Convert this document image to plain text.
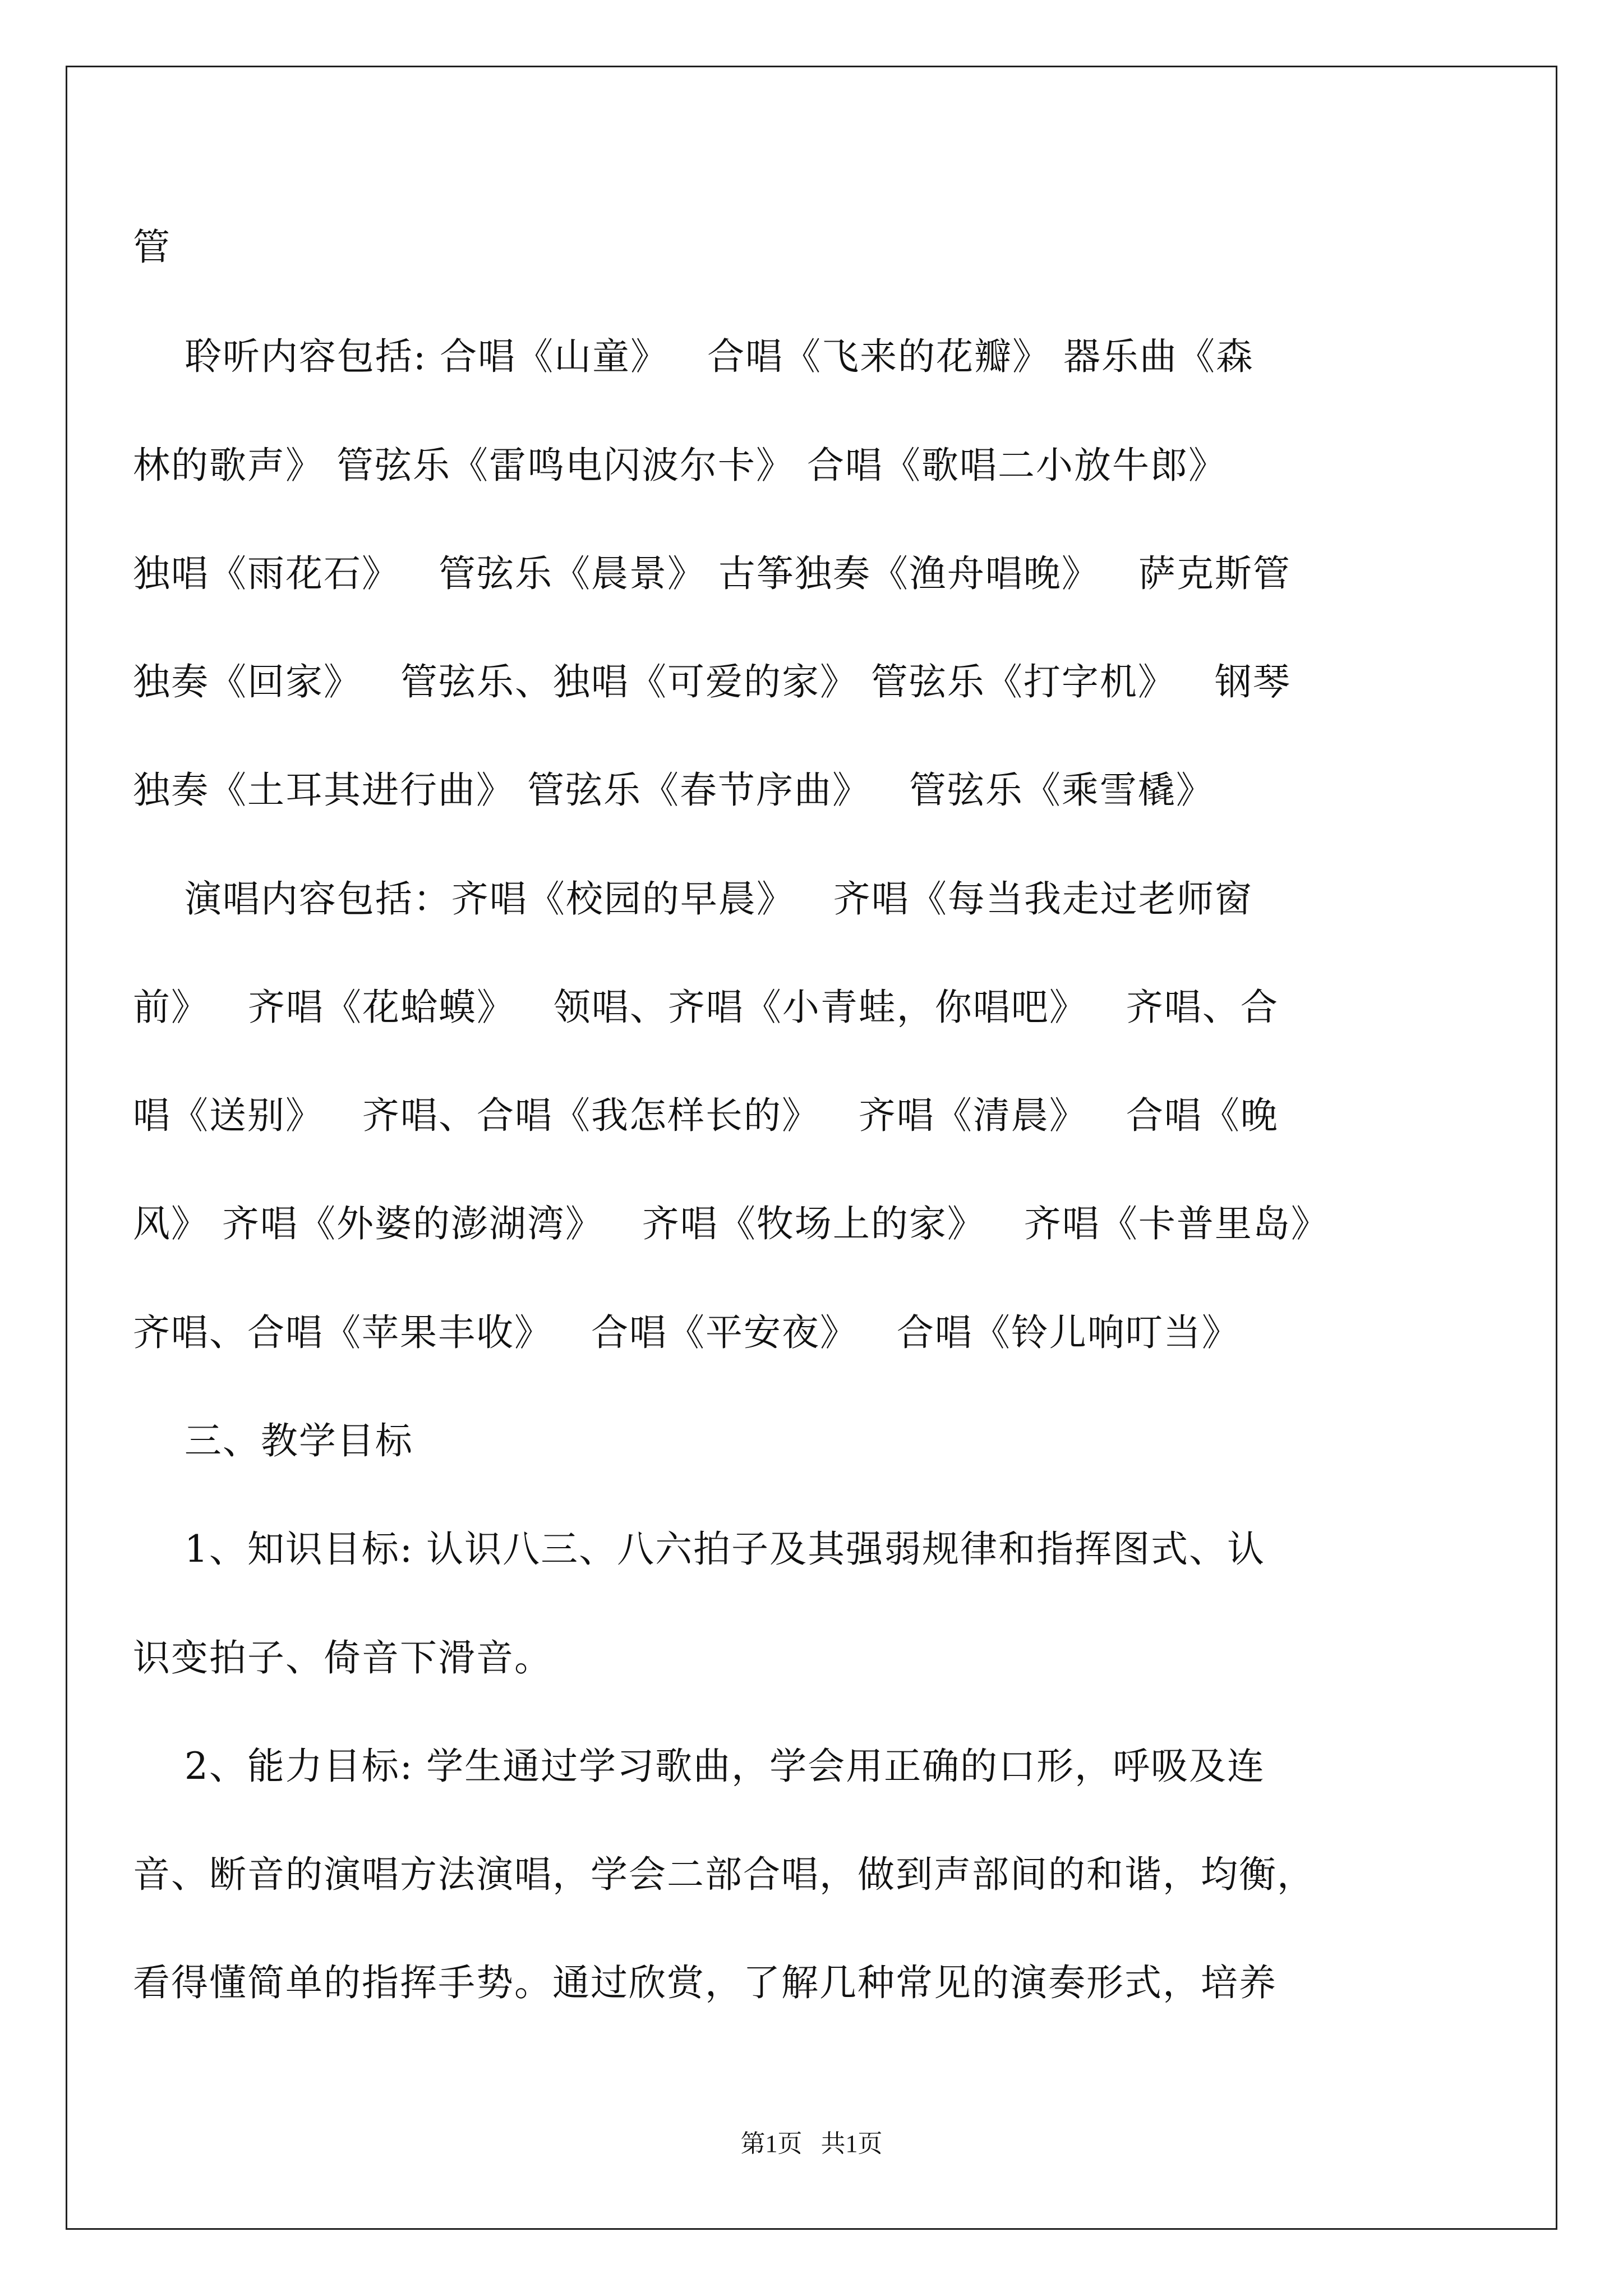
管
聆听内容包括: 合唱《山童》   合唱《飞来的花瓣》 器乐曲《森
林的歌声》 管弦乐《雷鸣电闪波尔卡》 合唱《歌唱二小放牛郎》
独唱《雨花石》   管弦乐《晨景》 古筝独奏《渔舟唱晚》   萨克斯管
独奏《回家》   管弦乐、独唱《可爱的家》 管弦乐《打字机》   钢琴
独奏《土耳其进行曲》 管弦乐《春节序曲》   管弦乐《乘雪橇》
演唱内容包括：齐唱《校园的早晨》   齐唱《每当我走过老师窗
前》   齐唱《花蛤蟆》   领唱、齐唱《小青蛙，你唱吧》   齐唱、合
唱《送别》   齐唱、合唱《我怎样长的》   齐唱《清晨》   合唱《晚
风》 齐唱《外婆的澎湖湾》   齐唱《牧场上的家》   齐唱《卡普里岛》
齐唱、合唱《苹果丰收》   合唱《平安夜》   合唱《铃儿响叮当》
三、教学目标
1、知识目标: 认识八三、八六拍子及其强弱规律和指挥图式、认
识变拍子、倚音下滑音。
2、能力目标: 学生通过学习歌曲，学会用正确的口形，呼吸及连
音、断音的演唱方法演唱，学会二部合唱，做到声部间的和谐，均衡，
看得懂简单的指挥手势。通过欣赏，了解几种常见的演奏形式，培养
第1页   共1页
